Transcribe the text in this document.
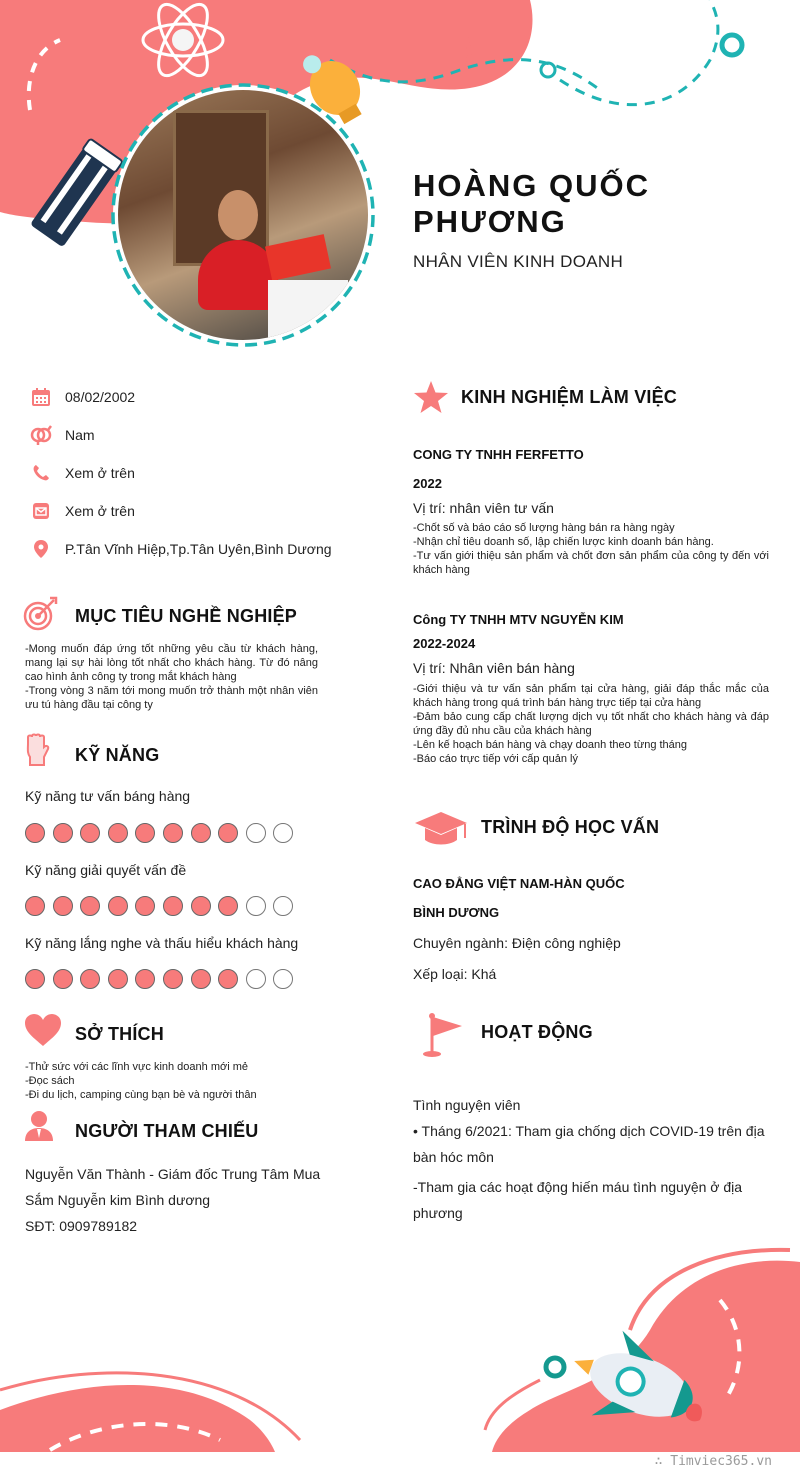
HOÀNG QUỐC
PHƯƠNG
NHÂN VIÊN KINH DOANH
08/02/2002
Nam
Xem ở trên
Xem ở trên
P.Tân Vĩnh Hiệp,Tp.Tân Uyên,Bình Dương
MỤC TIÊU NGHỀ NGHIỆP
-Mong muốn đáp ứng tốt những yêu cầu từ khách hàng, mang lại sự hài lòng tốt nhất cho khách hàng. Từ đó nâng cao hình ảnh công ty trong mắt khách hàng
-Trong vòng 3 năm tới mong muốn trở thành một nhân viên ưu tú hàng đầu tại công ty
KỸ NĂNG
Kỹ năng tư vấn báng hàng
Kỹ năng giải quyết vấn đề
Kỹ năng lắng nghe và thấu hiểu khách hàng
SỞ THÍCH
-Thử sức với các lĩnh vực kinh doanh mới mẻ
-Đọc sách
-Đi du lịch, camping cùng bạn bè và người thân
NGƯỜI THAM CHIẾU
Nguyễn Văn Thành - Giám đốc Trung Tâm Mua
Sắm Nguyễn kim Bình dương
SĐT: 0909789182
KINH NGHIỆM LÀM VIỆC
CONG TY TNHH FERFETTO
2022
Vị trí: nhân viên tư vấn
-Chốt số và báo cáo số lượng hàng bán ra hàng ngày
-Nhận chỉ tiêu doanh số, lập chiến lược kinh doanh bán hàng.
-Tư vấn giới thiệu sản phẩm và chốt đơn sản phẩm của công ty đến với khách hàng
Công TY TNHH MTV NGUYỄN KIM
2022-2024
Vị trí: Nhân viên bán hàng
-Giới thiệu và tư vấn sản phẩm tại cửa hàng, giải đáp thắc mắc của khách hàng trong quá trình bán hàng trực tiếp tại cửa hàng
-Đảm bảo cung cấp chất lượng dịch vụ tốt nhất cho khách hàng và đáp ứng đầy đủ nhu cầu của khách hàng
-Lên kế hoạch bán hàng và chạy doanh theo từng tháng
-Báo cáo trực tiếp với cấp quản lý
TRÌNH ĐỘ HỌC VẤN
CAO ĐẲNG VIỆT NAM-HÀN QUỐC
BÌNH DƯƠNG
Chuyên ngành: Điện công nghiệp
Xếp loại: Khá
HOẠT ĐỘNG
Tình nguyện viên
• Tháng 6/2021: Tham gia chống dịch COVID-19 trên địa
bàn hóc môn
-Tham gia các hoạt động hiến máu tình nguyện ở địa
phương
∴ Timviec365.vn
